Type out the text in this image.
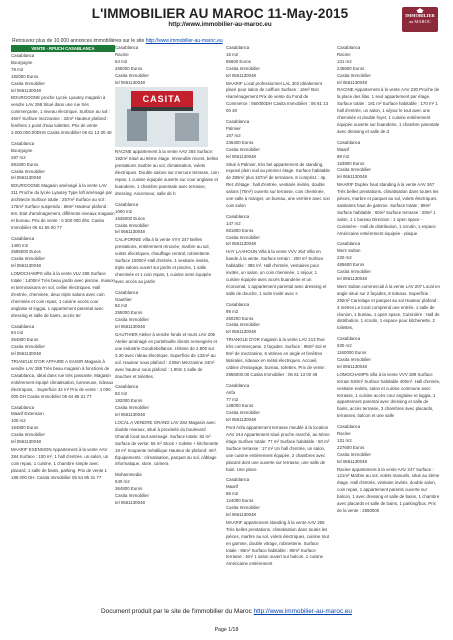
L'IMMOBILIER AU MAROC 11-May-2015
http://www.immobilier-au-maroc.eu
IMMOBILIER
au MAROC
Retrouvez plus de 10.000 annonces immobilières sur le site http://www.immobilier-au-maroc.eu
VENTE - RPUCH CASABLANCA
Casablanca
Bourgogne
78 m2
182000 Euros
Casita Immobilier
tel 0661130048
BOURGOGNE proche Lycée Lyautey magasin à vendre LAV 298 Situé dans une rue très commerçante, 1 niveau électrique. Surface au sol : 46m² Surface mezzanine : 32m² Hauteur plafond : fenêtres 1 point d'eau toilettes. Prix de vente 2.000.000.00DHS Casita Immobilier 06 61 13 00 48
Casablanca
Bourgogne
287 m2
581800 Euros
Casita Immobilier
tel 0661130048
BOURGOGNE Magasin aménagé à la vente LAV 211 Proche du lycée Lyautey Type loft aménagé par architecte Surface totale : 257m² Surface au sol : 175m² Surface suspendu : 68m² Hauteur plafond : 6m. Etat d'aménagement, différents niveaux magasin et bureau. Prix de vente : 6 500 000 dhs. Casita Immobilier 06 61 65 00 77
Casablanca
1400 m2
2695000 Euros
Casita Immobilier
tel 0661130048
LOMOCHAMPS villa à la vente VLV 288 Surface totale : 1400m² Très beau jardin avec piscine, maison et terminaisons en sol, cellier électriques. Hall d'entrée, cheminée, deux triple salons avec coin cheminée et coin repas, 1 cuisine accès cour anglaise et loggia, 1 appartement parental avec dressing et salle de bains, accès ter
Casablanca
84 m2
364800 Euros
Casita Immobilier
tel 0661130048
TRIANGLE D'OR AFFAIRE A SAISIR Magasin à vendre LAV 288 Très beau magasin à fonctions de Casablanca, idéal dans rue très passante. Magasin entièrement équipé climatisation, lumineuse, rideaux électriques, . Superficie 34 m² Prix de vente : 4 000 000 DH Casita Immobilier 06 64 85 31 77
Casablanca
Maarif Extension
100 m2
164800 Euros
Casita Immobilier
tel 0661130048
MAARIF EXENSION Appartement à la vente AAV 284 Surface : 100 m², 1 hall d'entrée, un salon, un coin repas, 1 cuisine, 1 chambre simple avec placard, 1 salle de bains, parking. Prix de vente 1 185 000 DH. Casita Immobilier 06 64 85 31 77
Casablanca
Racine
64 m2
265000 Euros
Casita Immobilier
tel 0661130048
CASITA
RACINE appartement à la vente AAV 284 Surface: 192m² Situé au 8ème étage. Immeuble récent, belles prestations marbre au sol, climatisation, volets électriques. Double salons sur mercure terrasse, coin repas, 1 cuisine équipée ouverte sur cour anglaise et buanderie, 1 chambre parentale avec terrasse, dressing. Ascenseur, salle de b
Casablanca
1000 m2
1636000 Euros
Casita Immobilier
tel 0661130048
CALIFORNIE villa à la vente VVV 247 Belles prestations, entièrement rénovée, marbre au sol, volets électriques, chauffage central, robinetterie. Surface 1000m² Hall d'entrée, 1 vestiaire invités, triple salons ouvert sur jardin et piscine, 1 salle cheminée et 1 coin repas, 1 cuisine semi équipée avec accès au jardin
Casablanca
Gauthier
82 m2
255000 Euros
Casita Immobilier
tel 0661130048
GAUTHIER Atelier à vendre fonds et murs LAV 206 Atelier aménagé en portefeuille clients renseignés et une industrie Goodrebellance. Hôtime de 2.800 sur 3.30 avec rideau électrique. Superficie de 132m² au sol. Hauteur sous plafond : 3.85m Mezzanine 24m² avec hauteur sous plafond : 1.90m 1 salle de douches et toilettes.
Casablanca
82 m2
182000 Euros
Casita Immobilier
tel 0661130048
LOCAL A VENDRE GRAND LAV 284 Magasin avec double niveaux, situé à proximité du boulevard Ghandi local tout aménagé. Surface totale: 82 m² Surface de vente: 55 m² Stock + toilette + kitchenette 18 m² Soupente métallique Hauteur de plafond: 4m². Équipements : climatisation, parquet au sol, câblage informatique, store, camera
Mohammedia
540 m2
364800 Euros
Casita Immobilier
tel 0661130048
Casablanca
16 m2
86600 Euros
Casita Immobilier
tel 0661130048
MAARIF Local professionnel LAL 302 Idéalement placé pour salon de coiffure Surface : 16m² Bon réaménagement Prix de vente du Fond de Commerce : 950000DH Casita Immobilier : 06 61 13 00 48
Casablanca
Palmier
167 m2
236400 Euros
Casita Immobilier
tel 0661130048
Situé à Palmier, très bel appartement de standing, exposé plein sud au premier étage. Surface habitable de 285m² plus 167m² de terrasses. 8 compris1 : 4p. Rez d'étage : hall d'entrée, vestiaire invités, double salons (70m²) ouverts sur terrasse, coin cheminée, une salle à manger, un bureau, une verrière avec son coin salon
Casablanca
147 m2
581800 Euros
Casita Immobilier
tel 0661130048
HAY LAAHOUN Villa à la vente VVV 264 Villa en bande à la vente. Surface terrain : 200 m² Surface habitable : 385 m². Hall d'entrée, vestiaires pour invités, un salon, un coin cheminée, 1 séjour, 1 cuisine équipée avec accès buanderie et un économat, 1 appartement parental avec dressing et salle de douche, 1 suite invité avec s
Casablanca
98 m2
260200 Euros
Casita Immobilier
tel 0661130048
TRIANGLE D'OR magasin à la vente LAV 213 Rue très commerçante, 2 façades. Surface : 98m² Sol et 9m² de mezzanine, 6 vitrines en angle et fenêtres latérales, rideaux en métal électriques. Accueil, cabine d'essayage, bureau, toilettes. Prix de vente : 2956000.00 Casita Immobilier : 06 61 13 00 48
Casablanca
Anfa
77 m2
128000 Euros
Casita Immobilier
tel 0661130048
Pont Anfa appartement terrasse meublé à la location AAV 244 Appartement situé proche marché, au 6ème étage Surface totale: 77 m² Surface habitable : 60 m² Surface terrasse : 17 m² Un hall d'entrée, un salon, une cuisine entièrement équipée, 2 chambres avec placard dont une ouverte sur terrasse, une salle de bain. Une place
Casablanca
Maarif
86 m2
124000 Euros
Casita Immobilier
tel 0661130048
MAARIF appartement standing à la vente AAV 265 Très belles prestations, climatisation dans toutes les pièces, marbre au sol, volets électriques, cuisine tout en gamme, double vitrage, robinetterie. Surface totale : 86m² Surface habitable : 80m² Surface terrasse : 6m² 1 salon ouvert sur balcon, 1 cuisine Américaine entièrement
Casablanca
Racine
131 m2
245600 Euros
Casita Immobilier
tel 0661130048
RACINE Appartement à la vente AAV 230 Proche de la place des lilas. 1 seul appartement par étage. Surface totale : 181 m² Surface habitable : 170 m² 1 hall d'entrée, un salon, 1 séjour le tout avec une cheminée et double foyer, 1 cuisine entièrement équipée ouverte sur buanderie, 1 chambre parentale avec dressing et salle de d
Casablanca
Maarif
88 m2
163800 Euros
Casita Immobilier
tel 0661130048
MAARIF Duplex haut standing à la vente AAV 267 Très belles prestations, climatisation dans toutes les pièces, marbre et parquet au sol, volets électriques, sanitaires haut de gamme. Surface totale : 88m² Surface habitable : 60m² Surface terrasse : 28m² 1 salon, 1 1 bureau Direction : 1 open space - Cuisinière - Hall de distribution, 1 scrutin, 1 espace Américaine entièrement équipée - plaque
Casablanca
Mers Sultan
220 m2
485600 Euros
Casita Immobilier
tel 0661130048
Mers Sultan commercial à la vente LAV 207 Local en angle situé sur 2 façades, 8 rideaux. Superficie : 292m² Carrelage et parquet au sol Hauteur plafond : 4 mètres Le local comprend une entrée, 1 salle de réunion, 1 bureau, 1 open space, Cuisinière : Hall de distribution, 1 scrutin, 1 espace pour kitchenette, 2 toilettes,
Casablanca
630 m2
1160000 Euros
Casita Immobilier
tel 0661130048
LOMOCHAMPS villa à la vente VVV 289 Surface terrain 630m² Surface habitable 400m². Hall d'entrée, vestiaire invités, salon et cuisine commune avec terrasse, 1 cuisine accès cour anglaise et loggia, 1 appartement parental avec dressing et salle de bains, accès terrasse, 3 chambres avec placards, terrasses, balcon et une salle
Casablanca
Racine
131 m2
227600 Euros
Casita Immobilier
tel 0661130048
Racine appartement à la vente AAV 247 Surface : 121m² Marbre au sol, volets manuels, situé au 4ème étage. Hall d'entrée, vestiaire invités, double salon, coin repas, 1 appartement parents ouverte sur balcon, 1 avec dressing et salle de bains, 1 chambre avec placards et salle de bains, 1 parking/box. Prix de la vente : 2550000
Document produit par le site de l'immobilier du Maroc http://www.immobilier-au-maroc.eu
Page 1/18
